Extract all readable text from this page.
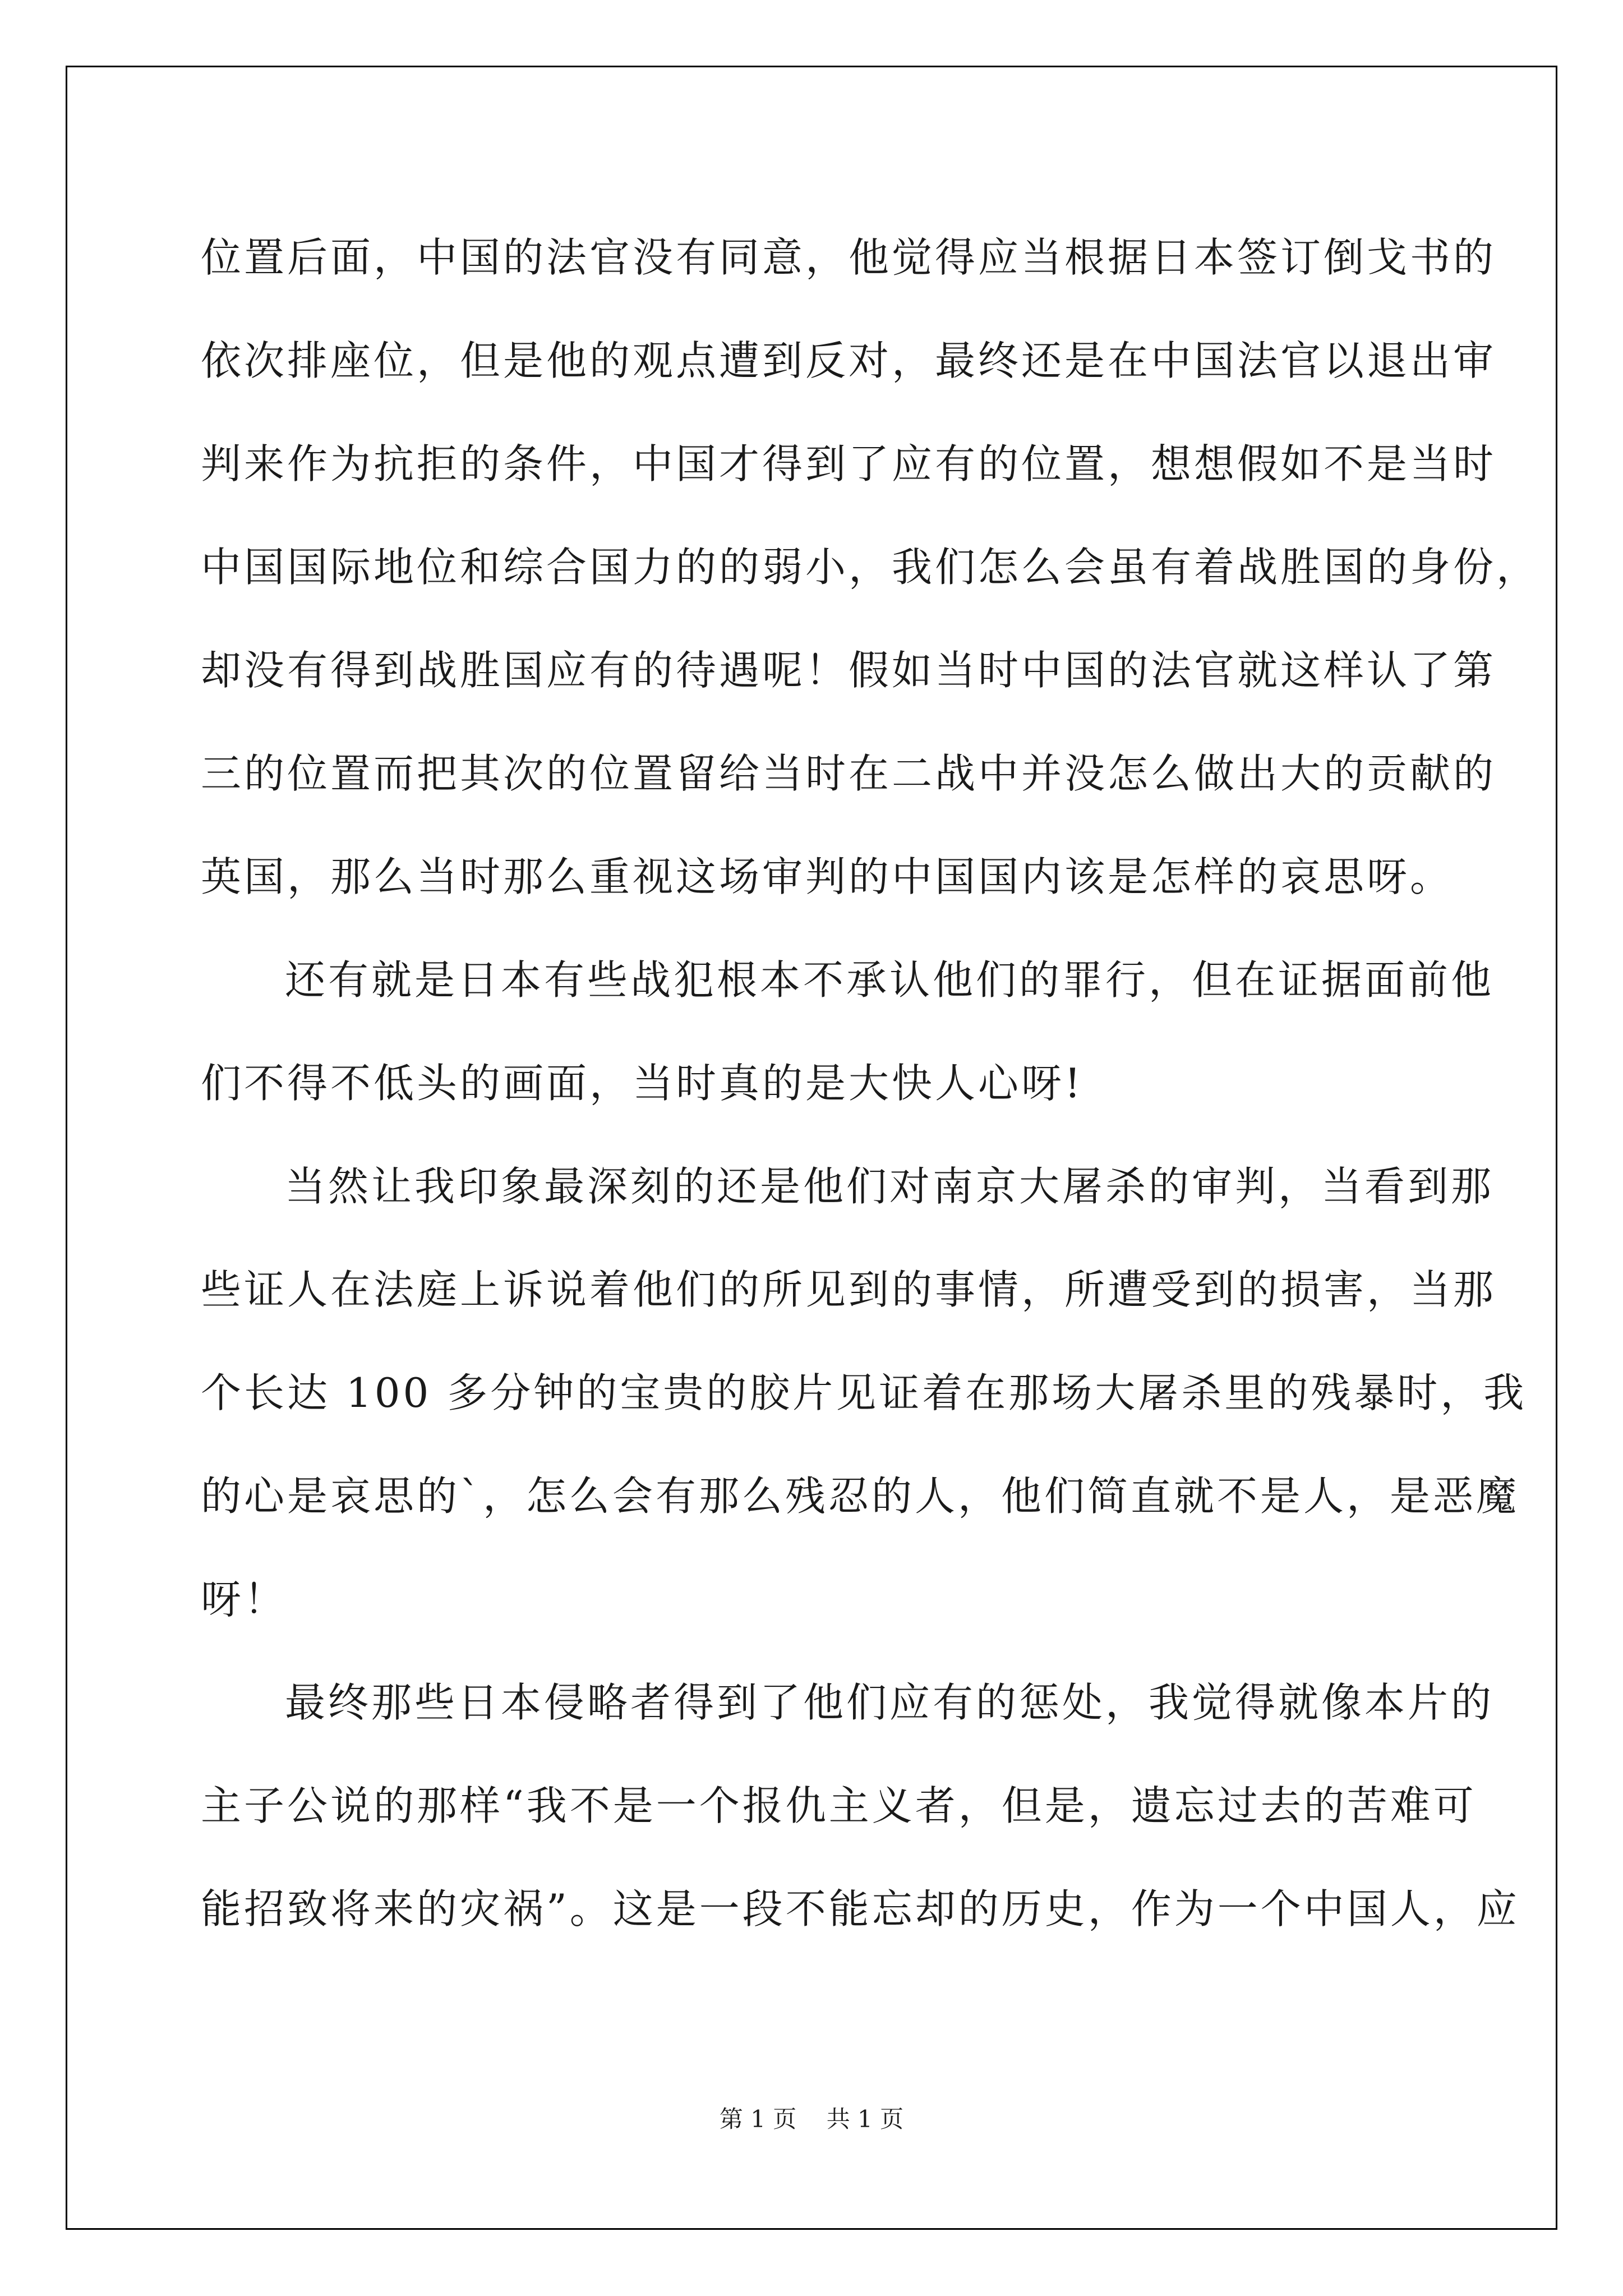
位置后面，中国的法官没有同意，他觉得应当根据日本签订倒戈书的
依次排座位，但是他的观点遭到反对，最终还是在中国法官以退出审
判来作为抗拒的条件，中国才得到了应有的位置，想想假如不是当时
中国国际地位和综合国力的的弱小，我们怎么会虽有着战胜国的身份，
却没有得到战胜国应有的待遇呢！假如当时中国的法官就这样认了第
三的位置而把其次的位置留给当时在二战中并没怎么做出大的贡献的
英国，那么当时那么重视这场审判的中国国内该是怎样的哀思呀。
还有就是日本有些战犯根本不承认他们的罪行，但在证据面前他
们不得不低头的画面，当时真的是大快人心呀!
当然让我印象最深刻的还是他们对南京大屠杀的审判，当看到那
些证人在法庭上诉说着他们的所见到的事情，所遭受到的损害，当那
个长达 100 多分钟的宝贵的胶片见证着在那场大屠杀里的残暴时，我
的心是哀思的`，怎么会有那么残忍的人，他们简直就不是人，是恶魔
呀！
最终那些日本侵略者得到了他们应有的惩处，我觉得就像本片的
主子公说的那样“我不是一个报仇主义者，但是，遗忘过去的苦难可
能招致将来的灾祸”。这是一段不能忘却的历史，作为一个中国人，应
第 1 页    共 1 页
